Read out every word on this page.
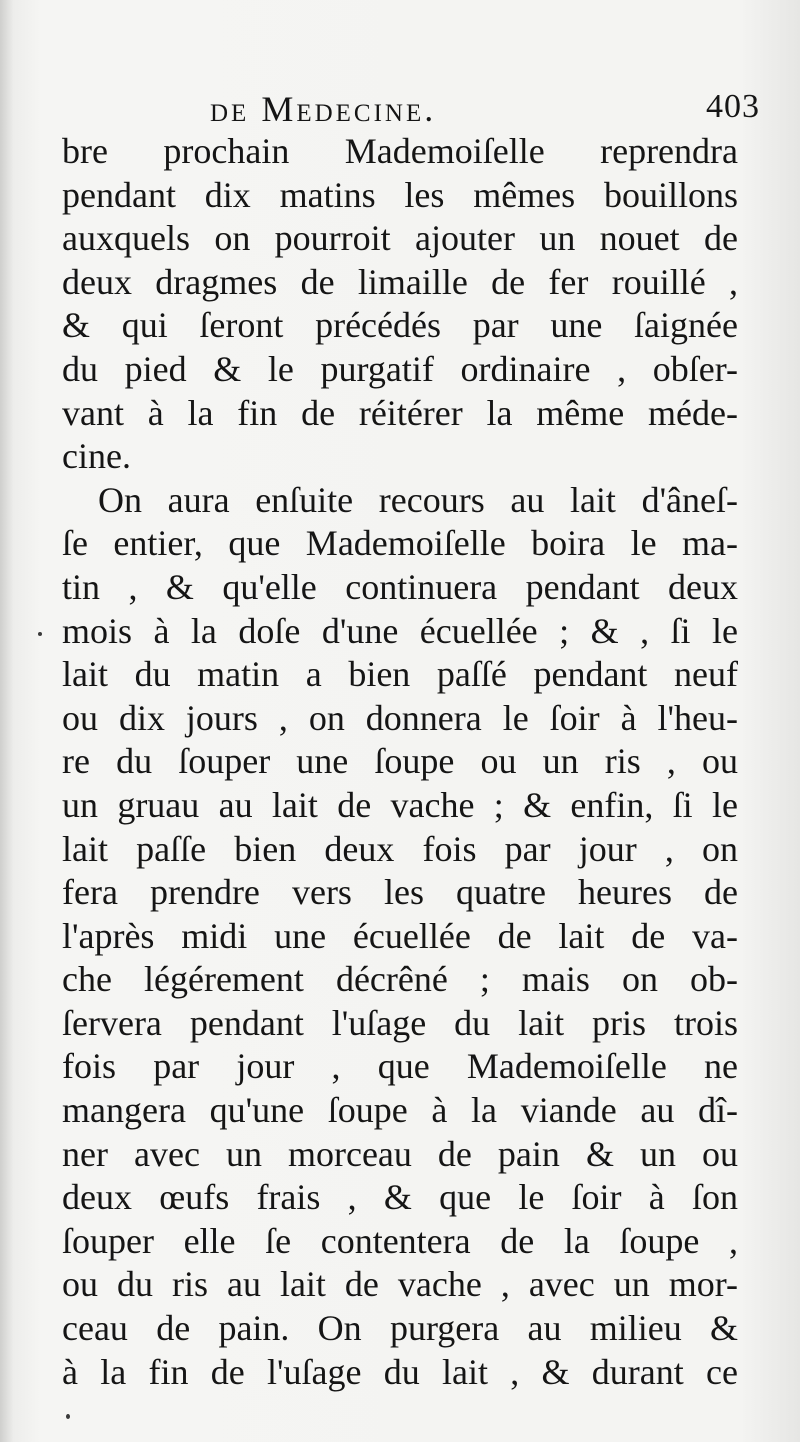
de Medecine.	403
bre prochain Mademoiſelle reprendra
pendant dix matins les mêmes bouillons
auxquels on pourroit ajouter un nouet de
deux dragmes de limaille de fer rouillé ,
& qui ſeront précédés par une ſaignée
du pied & le purgatif ordinaire , obſer-
vant à la fin de réitérer la même méde-
cine.
On aura enſuite recours au lait d'âneſ-
ſe entier, que Mademoiſelle boira le ma-
tin , & qu'elle continuera pendant deux
mois à la doſe d'une écuellée ; & , ſi le
lait du matin a bien paſſé pendant neuf
ou dix jours , on donnera le ſoir à l'heu-
re du ſouper une ſoupe ou un ris , ou
un gruau au lait de vache ; & enfin, ſi le
lait paſſe bien deux fois par jour , on
fera prendre vers les quatre heures de
l'après midi une écuellée de lait de va-
che légérement décrêné ; mais on ob-
ſervera pendant l'uſage du lait pris trois
fois par jour , que Mademoiſelle ne
mangera qu'une ſoupe à la viande au dî-
ner avec un morceau de pain & un ou
deux œufs frais , & que le ſoir à ſon
ſouper elle ſe contentera de la ſoupe ,
ou du ris au lait de vache , avec un mor-
ceau de pain. On purgera au milieu &
à la fin de l'uſage du lait , & durant ce
